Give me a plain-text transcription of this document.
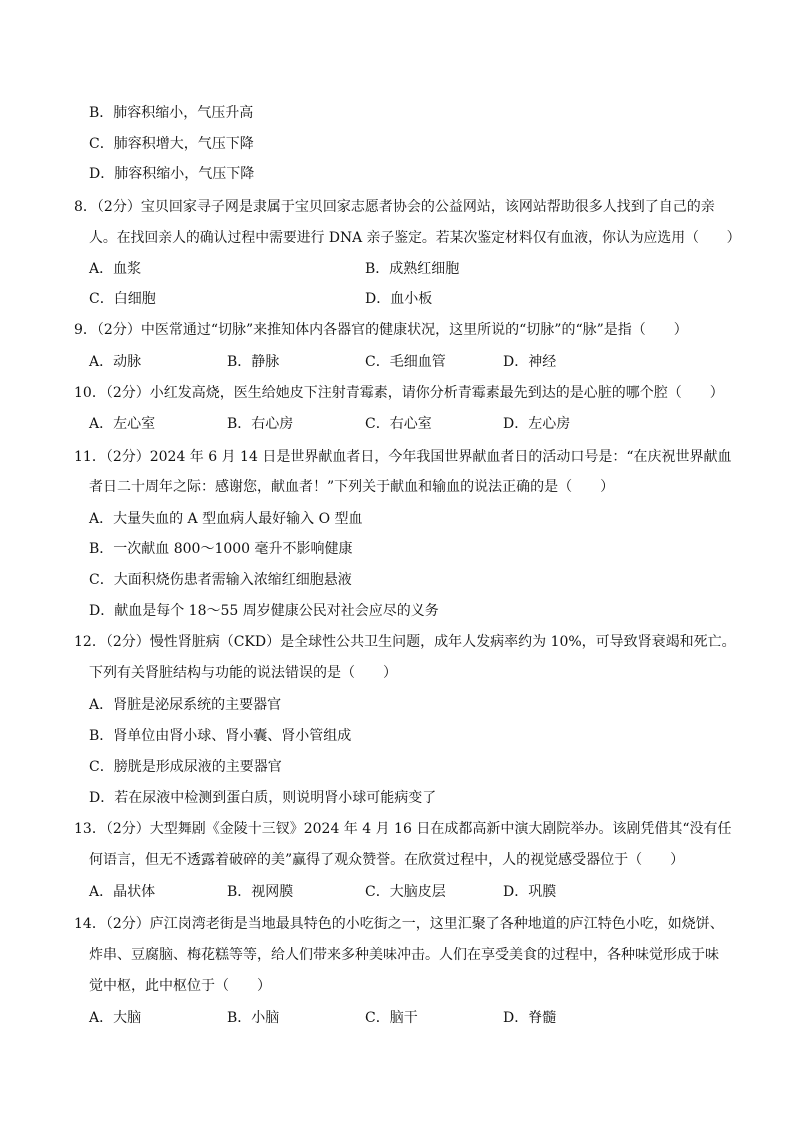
B．肺容积缩小，气压升高
C．肺容积增大，气压下降
D．肺容积缩小，气压下降
8．（2分）宝贝回家寻子网是隶属于宝贝回家志愿者协会的公益网站，该网站帮助很多人找到了自己的亲
人。在找回亲人的确认过程中需要进行 DNA 亲子鉴定。若某次鉴定材料仅有血液，你认为应选用（　　）
A．血浆	B．成熟红细胞
C．白细胞	D．血小板
9．（2分）中医常通过“切脉”来推知体内各器官的健康状况，这里所说的“切脉”的“脉”是指（　　）
A．动脉	B．静脉	C．毛细血管	D．神经
10．（2分）小红发高烧，医生给她皮下注射青霉素，请你分析青霉素最先到达的是心脏的哪个腔（　　）
A．左心室	B．右心房	C．右心室	D．左心房
11．（2分）2024 年 6 月 14 日是世界献血者日，今年我国世界献血者日的活动口号是：“在庆祝世界献血
者日二十周年之际：感谢您，献血者！”下列关于献血和输血的说法正确的是（　　）
A．大量失血的 A 型血病人最好输入 O 型血
B．一次献血 800～1000 毫升不影响健康
C．大面积烧伤患者需输入浓缩红细胞悬液
D．献血是每个 18～55 周岁健康公民对社会应尽的义务
12．（2分）慢性肾脏病（CKD）是全球性公共卫生问题，成年人发病率约为 10%，可导致肾衰竭和死亡。
下列有关肾脏结构与功能的说法错误的是（　　）
A．肾脏是泌尿系统的主要器官
B．肾单位由肾小球、肾小囊、肾小管组成
C．膀胱是形成尿液的主要器官
D．若在尿液中检测到蛋白质，则说明肾小球可能病变了
13．（2分）大型舞剧《金陵十三钗》2024 年 4 月 16 日在成都高新中演大剧院举办。该剧凭借其“没有任
何语言，但无不透露着破碎的美”赢得了观众赞誉。在欣赏过程中，人的视觉感受器位于（　　）
A．晶状体	B．视网膜	C．大脑皮层	D．巩膜
14．（2分）庐江岗湾老街是当地最具特色的小吃街之一，这里汇聚了各种地道的庐江特色小吃，如烧饼、
炸串、豆腐脑、梅花糕等等，给人们带来多种美味冲击。人们在享受美食的过程中，各种味觉形成于味
觉中枢，此中枢位于（　　）
A．大脑	B．小脑	C．脑干	D．脊髓
